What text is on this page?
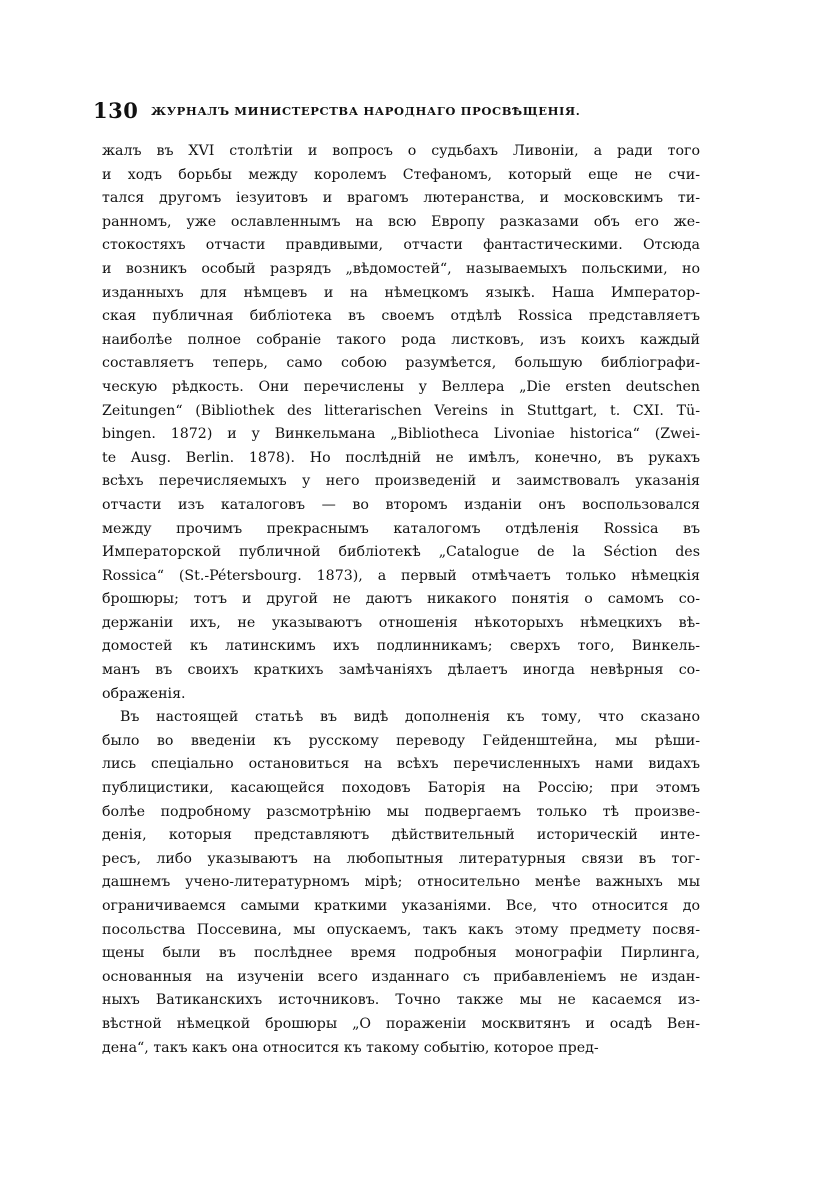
130 ЖУРНАЛЪ МИНИСТЕРСТВА НАРОДНАГО ПРОСВѢЩЕНІЯ.
жалъ въ XVI столѣтіи и вопросъ о судьбахъ Ливоніи, а ради того
и ходъ борьбы между королемъ Стефаномъ, который еще не счи-
тался другомъ іезуитовъ и врагомъ лютеранства, и московскимъ ти-
ранномъ, уже ославленнымъ на всю Европу разказами объ его же-
стокостяхъ отчасти правдивыми, отчасти фантастическими. Отсюда
и возникъ особый разрядъ „вѣдомостей“, называемыхъ польскими, но
изданныхъ для нѣмцевъ и на нѣмецкомъ языкѣ. Наша Император-
ская публичная библіотека въ своемъ отдѣлѣ Rossica представляетъ
наиболѣе полное собраніе такого рода листковъ, изъ коихъ каждый
составляетъ теперь, само собою разумѣется, большую библіографи-
ческую рѣдкость. Они перечислены у Веллера „Die ersten deutschen
Zeitungen“ (Bibliothek des litterarischen Vereins in Stuttgart, t. CXI. Tü-
bingen. 1872) и у Винкельмана „Bibliotheca Livoniae historica“ (Zwei-
te Ausg. Berlin. 1878). Но послѣдній не имѣлъ, конечно, въ рукахъ
всѣхъ перечисляемыхъ у него произведеній и заимствовалъ указанія
отчасти изъ каталоговъ — во второмъ изданіи онъ воспользовался
между прочимъ прекраснымъ каталогомъ отдѣленія Rossica въ
Императорской публичной библіотекѣ „Catalogue de la Séction des
Rossica“ (St.-Pétersbourg. 1873), а первый отмѣчаетъ только нѣмецкія
брошюры; тотъ и другой не даютъ никакого понятія о самомъ со-
держаніи ихъ, не указываютъ отношенія нѣкоторыхъ нѣмецкихъ вѣ-
домостей къ латинскимъ ихъ подлинникамъ; сверхъ того, Винкель-
манъ въ своихъ краткихъ замѣчаніяхъ дѣлаетъ иногда невѣрныя со-
ображенія.
Въ настоящей статьѣ въ видѣ дополненія къ тому, что сказано
было во введеніи къ русскому переводу Гейденштейна, мы рѣши-
лись спеціально остановиться на всѣхъ перечисленныхъ нами видахъ
публицистики, касающейся походовъ Баторія на Россію; при этомъ
болѣе подробному разсмотрѣнію мы подвергаемъ только тѣ произве-
денія, которыя представляютъ дѣйствительный историческій инте-
ресъ, либо указываютъ на любопытныя литературныя связи въ тог-
дашнемъ учено-литературномъ мірѣ; относительно менѣе важныхъ мы
ограничиваемся самыми краткими указаніями. Все, что относится до
посольства Поссевина, мы опускаемъ, такъ какъ этому предмету посвя-
щены были въ послѣднее время подробныя монографіи Пирлинга,
основанныя на изученіи всего изданнаго съ прибавленіемъ не издан-
ныхъ Ватиканскихъ источниковъ. Точно также мы не касаемся из-
вѣстной нѣмецкой брошюры „О пораженіи москвитянъ и осадѣ Вен-
дена“, такъ какъ она относится къ такому событію, которое пред-
